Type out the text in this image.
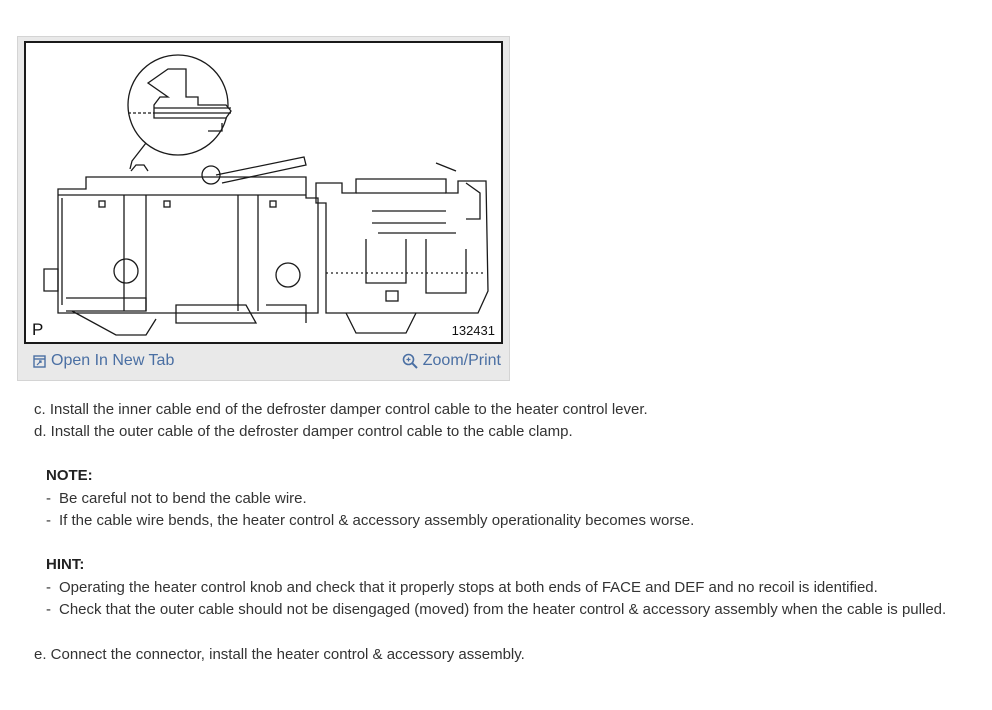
P	132431
Open In New Tab	Zoom/Print
c. Install the inner cable end of the defroster damper control cable to the heater control lever.
d. Install the outer cable of the defroster damper control cable to the cable clamp.
NOTE:
- Be careful not to bend the cable wire.
- If the cable wire bends, the heater control & accessory assembly operationality becomes worse.
HINT:
- Operating the heater control knob and check that it properly stops at both ends of FACE and DEF and no recoil is identified.
- Check that the outer cable should not be disengaged (moved) from the heater control & accessory assembly when the cable is pulled.
e. Connect the connector, install the heater control & accessory assembly.
